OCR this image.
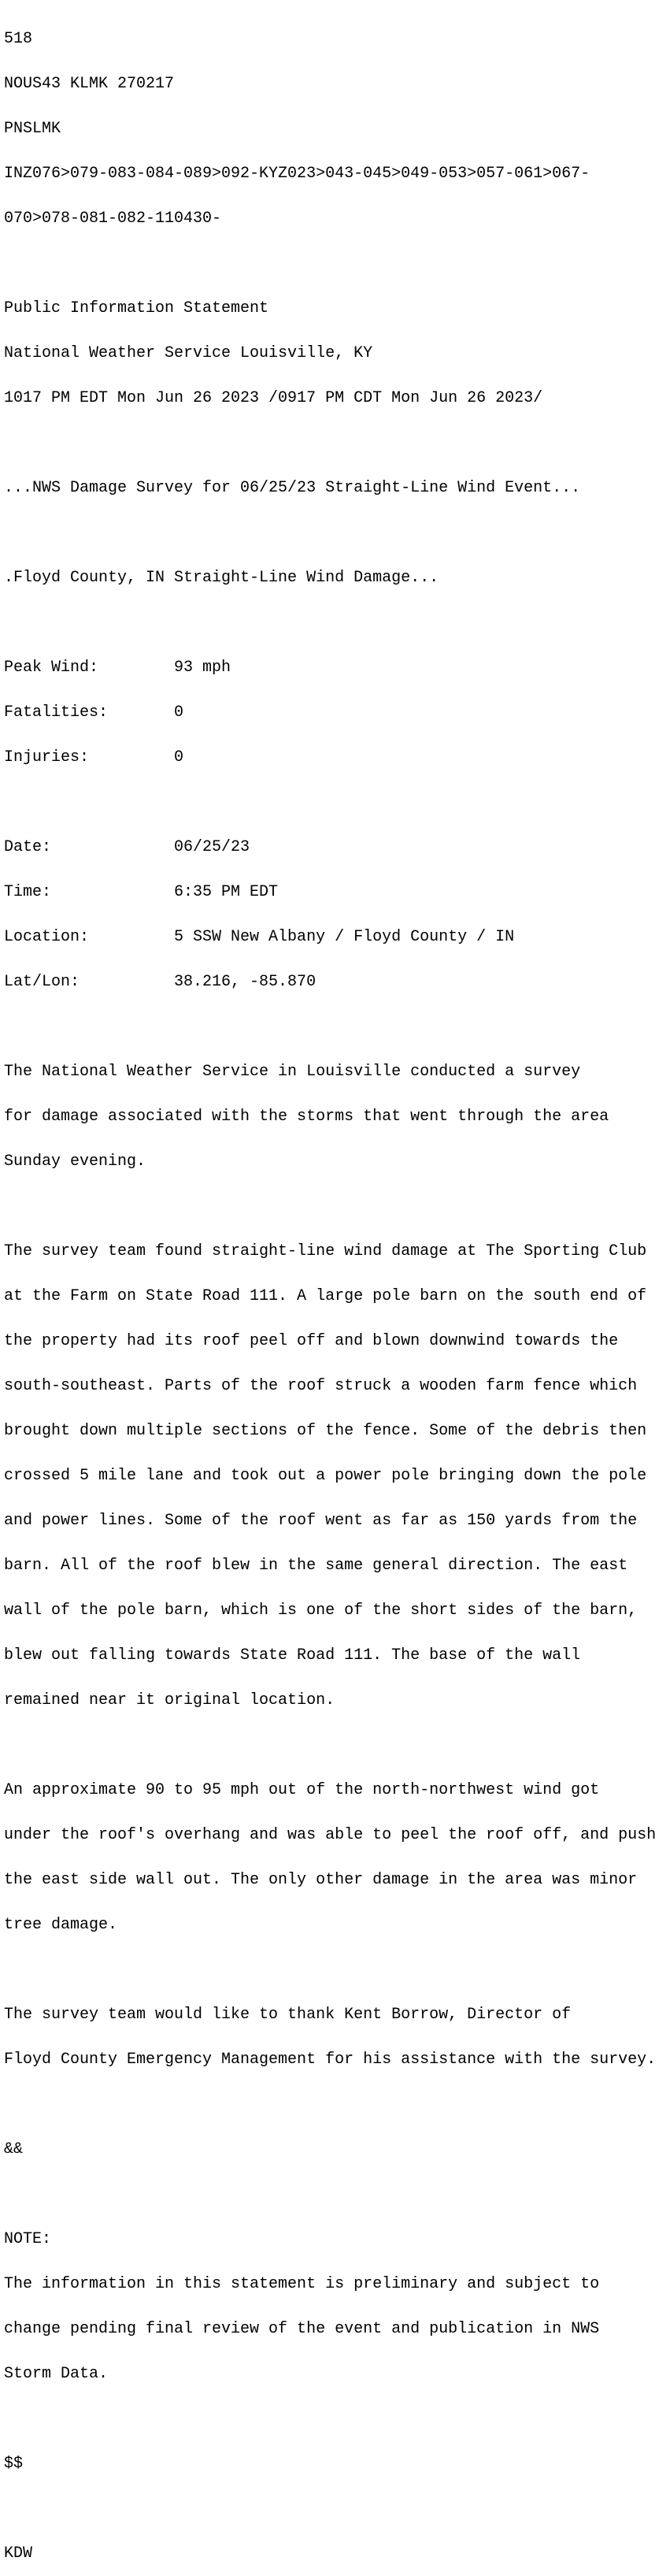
518

NOUS43 KLMK 270217

PNSLMK

INZ076>079-083-084-089>092-KYZ023>043-045>049-053>057-061>067-

070>078-081-082-110430-

Public Information Statement

National Weather Service Louisville, KY

1017 PM EDT Mon Jun 26 2023 /0917 PM CDT Mon Jun 26 2023/

...NWS Damage Survey for 06/25/23 Straight-Line Wind Event...

.Floyd County, IN Straight-Line Wind Damage...

Peak Wind:        93 mph

Fatalities:       0

Injuries:         0

Date:             06/25/23

Time:             6:35 PM EDT

Location:         5 SSW New Albany / Floyd County / IN

Lat/Lon:          38.216, -85.870

The National Weather Service in Louisville conducted a survey

for damage associated with the storms that went through the area

Sunday evening.

The survey team found straight-line wind damage at The Sporting Club

at the Farm on State Road 111. A large pole barn on the south end of

the property had its roof peel off and blown downwind towards the

south-southeast. Parts of the roof struck a wooden farm fence which

brought down multiple sections of the fence. Some of the debris then

crossed 5 mile lane and took out a power pole bringing down the pole

and power lines. Some of the roof went as far as 150 yards from the

barn. All of the roof blew in the same general direction. The east

wall of the pole barn, which is one of the short sides of the barn,

blew out falling towards State Road 111. The base of the wall

remained near it original location.

An approximate 90 to 95 mph out of the north-northwest wind got

under the roof's overhang and was able to peel the roof off, and push

the east side wall out. The only other damage in the area was minor

tree damage.

The survey team would like to thank Kent Borrow, Director of

Floyd County Emergency Management for his assistance with the survey.

&&

NOTE:

The information in this statement is preliminary and subject to

change pending final review of the event and publication in NWS

Storm Data.

$$

KDW
